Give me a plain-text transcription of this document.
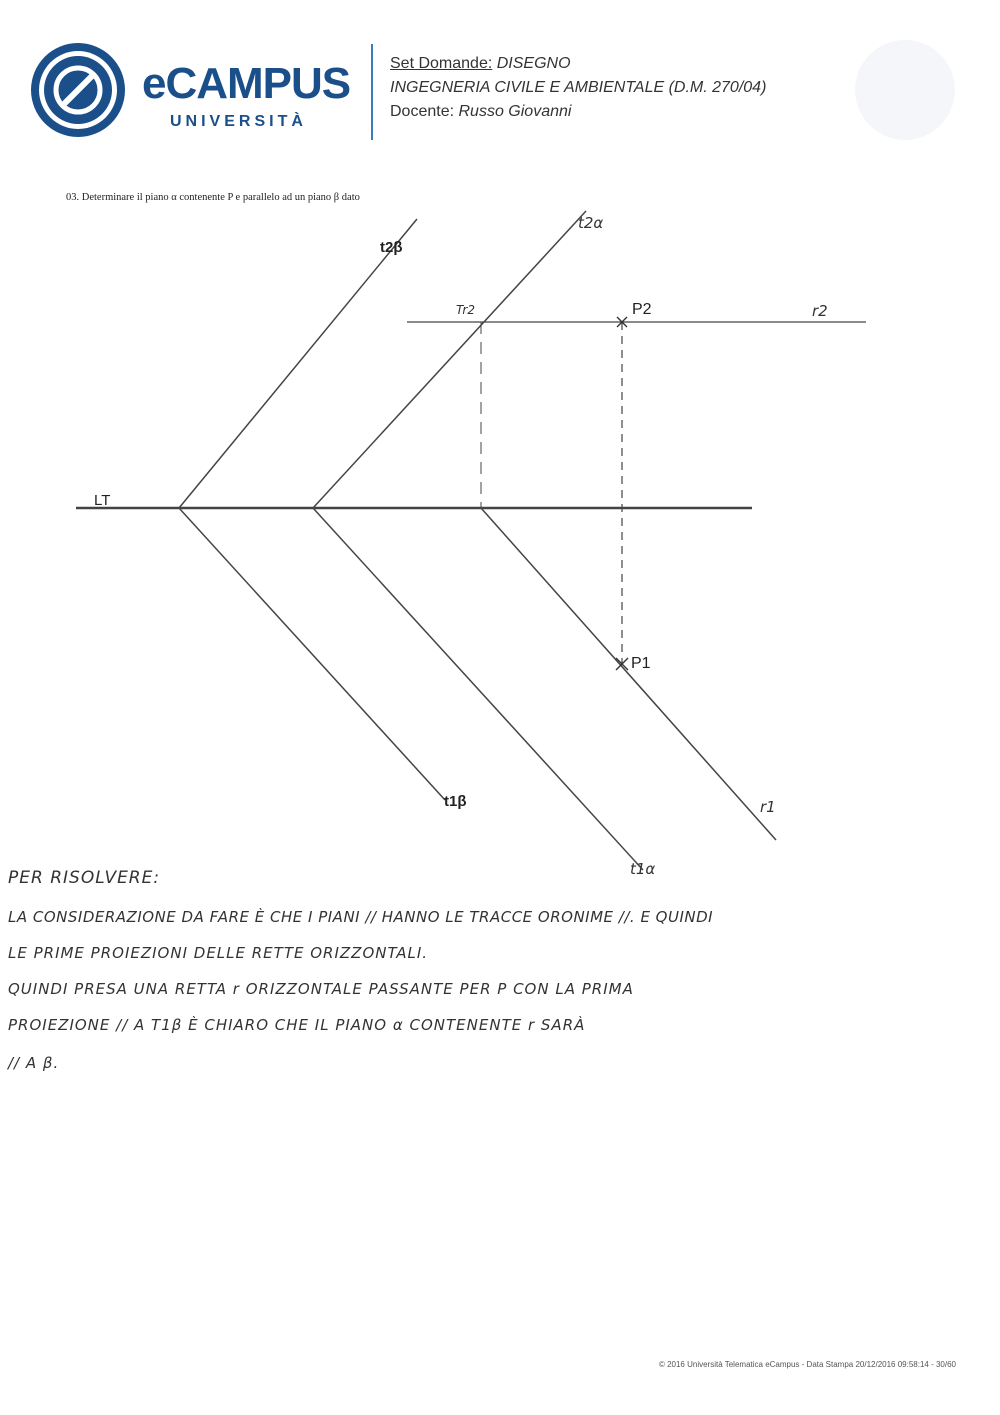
eCAMPUS
UNIVERSITÀ
Set Domande: DISEGNO
INGEGNERIA CIVILE E AMBIENTALE (D.M. 270/04)
Docente: Russo Giovanni
03. Determinare il piano α contenente P e parallelo ad un piano β dato
LT
t2β
t1β
t2α
t1α
r2
r1
Tr2	P2
P1
PER RISOLVERE:
LA CONSIDERAZIONE DA FARE È CHE I PIANI // HANNO LE TRACCE ORONIME //. E QUINDI
LE PRIME PROIEZIONI DELLE RETTE ORIZZONTALI.
QUINDI PRESA UNA RETTA r ORIZZONTALE PASSANTE PER P CON LA PRIMA
PROIEZIONE // A T1β È CHIARO CHE IL PIANO α CONTENENTE r SARÀ
// A β.
© 2016 Università Telematica eCampus - Data Stampa 20/12/2016 09:58:14 - 30/60
